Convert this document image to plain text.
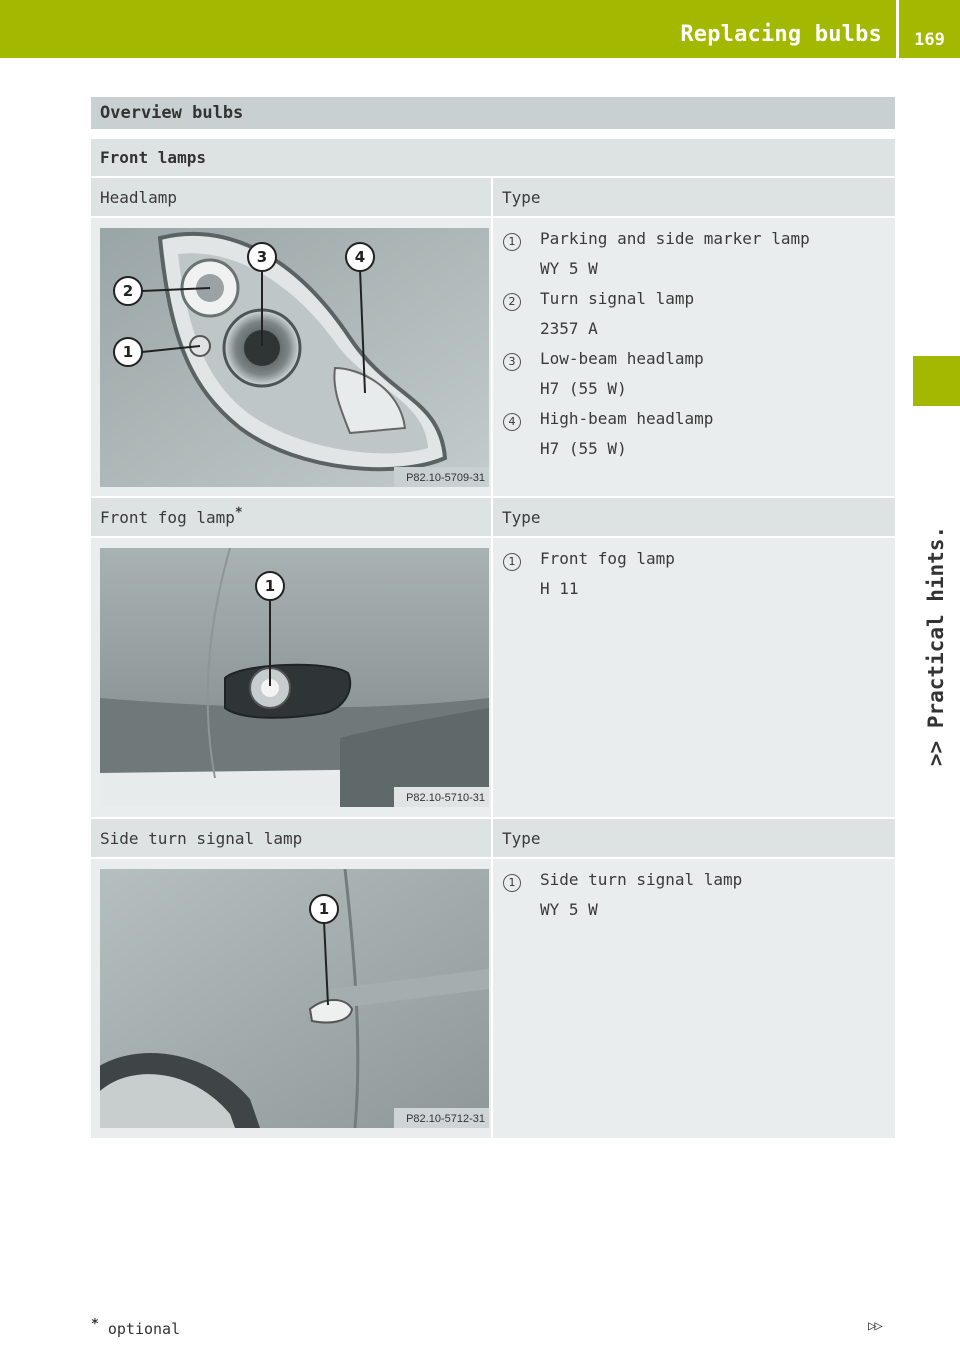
Replacing bulbs	169
>> Practical hints.
Overview bulbs
Front lamps
Headlamp	Type
1
2
3	4
P82.10-5709-31
1	Parking and side marker lamp
WY 5 W
2	Turn signal lamp
2357 A
3	Low-beam headlamp
H7 (55 W)
4	High-beam headlamp
H7 (55 W)
Front fog lamp*	Type
1
P82.10-5710-31
1	Front fog lamp
H 11
Side turn signal lamp	Type
1
P82.10-5712-31
1	Side turn signal lamp
WY 5 W
* optional	▷▷
